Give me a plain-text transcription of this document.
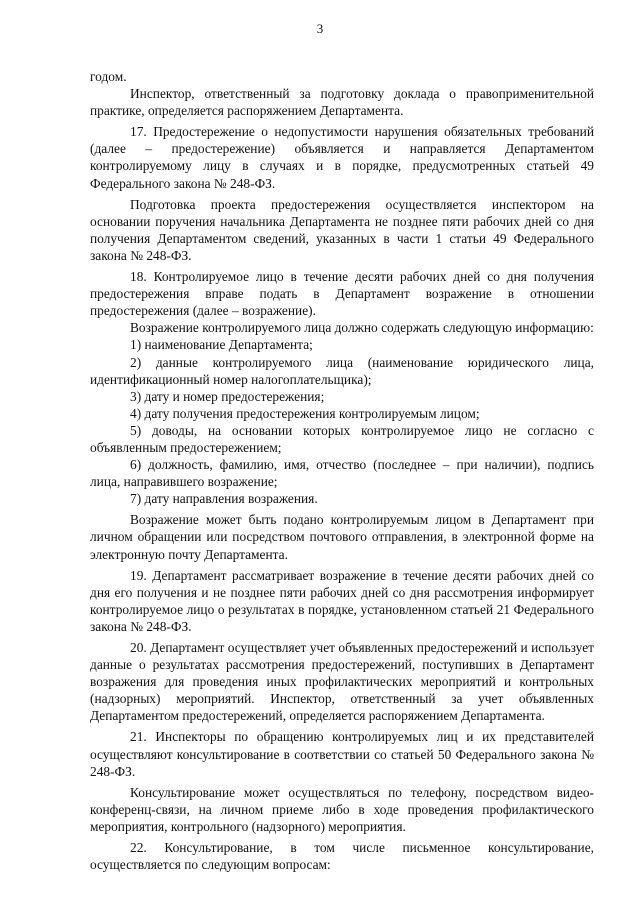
3

годом.

Инспектор, ответственный за подготовку доклада о правоприменительной практике, определяется распоряжением Департамента.

17. Предостережение о недопустимости нарушения обязательных требований (далее – предостережение) объявляется и направляется Департаментом контролируемому лицу в случаях и в порядке, предусмотренных статьей 49 Федерального закона № 248-ФЗ.

Подготовка проекта предостережения осуществляется инспектором на основании поручения начальника Департамента не позднее пяти рабочих дней со дня получения Департаментом сведений, указанных в части 1 статьи 49 Федерального закона № 248-ФЗ.

18. Контролируемое лицо в течение десяти рабочих дней со дня получения предостережения вправе подать в Департамент возражение в отношении предостережения (далее – возражение).

Возражение контролируемого лица должно содержать следующую информацию:

1) наименование Департамента;

2) данные контролируемого лица (наименование юридического лица, идентификационный номер налогоплательщика);

3) дату и номер предостережения;

4) дату получения предостережения контролируемым лицом;

5) доводы, на основании которых контролируемое лицо не согласно с объявленным предостережением;

6) должность, фамилию, имя, отчество (последнее – при наличии), подпись лица, направившего возражение;

7) дату направления возражения.

Возражение может быть подано контролируемым лицом в Департамент при личном обращении или посредством почтового отправления, в электронной форме на электронную почту Департамента.

19. Департамент рассматривает возражение в течение десяти рабочих дней со дня его получения и не позднее пяти рабочих дней со дня рассмотрения информирует контролируемое лицо о результатах в порядке, установленном статьей 21 Федерального закона № 248-ФЗ.

20. Департамент осуществляет учет объявленных предостережений и использует данные о результатах рассмотрения предостережений, поступивших в Департамент возражения для проведения иных профилактических мероприятий и контрольных (надзорных) мероприятий. Инспектор, ответственный за учет объявленных Департаментом предостережений, определяется распоряжением Департамента.

21. Инспекторы по обращению контролируемых лиц и их представителей осуществляют консультирование в соответствии со статьей 50 Федерального закона № 248-ФЗ.

Консультирование может осуществляться по телефону, посредством видео-конференц-связи, на личном приеме либо в ходе проведения профилактического мероприятия, контрольного (надзорного) мероприятия.

22. Консультирование, в том числе письменное консультирование, осуществляется по следующим вопросам:
